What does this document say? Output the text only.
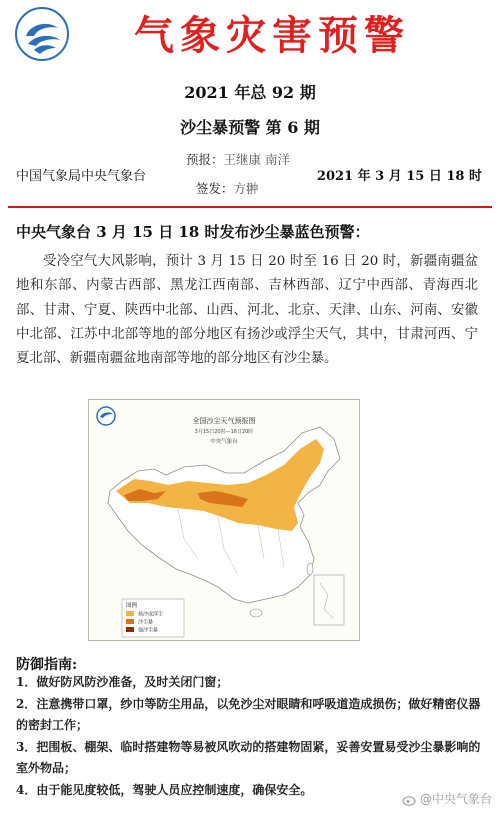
气象灾害预警
2021 年总 92 期
沙尘暴预警 第 6 期
中国气象局中央气象台
预报：王继康 南洋
签发：方翀
2021 年 3 月 15 日 18 时
中央气象台 3 月 15 日 18 时发布沙尘暴蓝色预警：
受冷空气大风影响，预计 3 月 15 日 20 时至 16 日 20 时，新疆南疆盆地和东部、内蒙古西部、黑龙江西南部、吉林西部、辽宁中西部、青海西北部、甘肃、宁夏、陕西中北部、山西、河北、北京、天津、山东、河南、安徽中北部、江苏中北部等地的部分地区有扬沙或浮尘天气，其中，甘肃河西、宁夏北部、新疆南疆盆地南部等地的部分地区有沙尘暴。
全国沙尘天气预报图
3月15日20时—16日20时
中央气象台
图例
扬沙或浮尘
沙尘暴
强沙尘暴
防御指南:
1．做好防风防沙准备，及时关闭门窗；
2．注意携带口罩，纱巾等防尘用品，以免沙尘对眼睛和呼吸道造成损伤；做好精密仪器的密封工作；
3．把围板、棚架、临时搭建物等易被风吹动的搭建物固紧，妥善安置易受沙尘暴影响的室外物品；
4．由于能见度较低，驾驶人员应控制速度，确保安全。
@中央气象台
